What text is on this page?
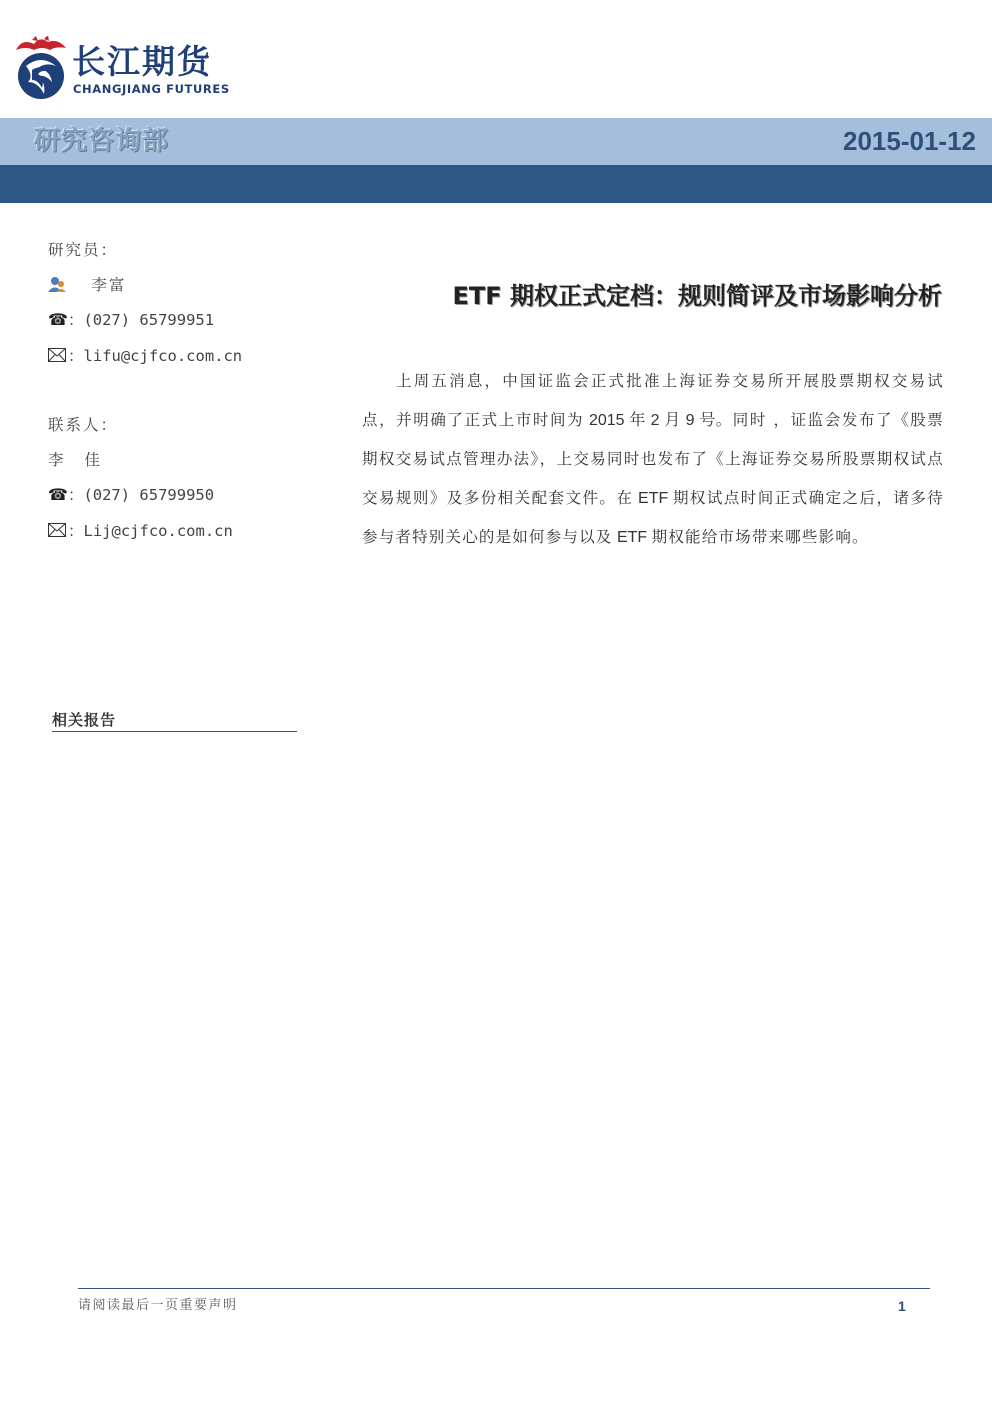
长江期货
CHANGJIANG FUTURES
研究咨询部	2015-01-12
研究员：
李富
☎：(027) 65799951
：lifu@cjfco.com.cn
联系人：
李 佳
☎：(027) 65799950
：Lij@cjfco.com.cn
相关报告
ETF 期权正式定档：规则简评及市场影响分析
上周五消息，中国证监会正式批准上海证券交易所开展股票期权交易试点，并明确了正式上市时间为 2015 年 2 月 9 号。同时 ，证监会发布了《股票期权交易试点管理办法》，上交易同时也发布了《上海证券交易所股票期权试点交易规则》及多份相关配套文件。在 ETF 期权试点时间正式确定之后，诸多待参与者特别关心的是如何参与以及 ETF 期权能给市场带来哪些影响。
请阅读最后一页重要声明	1
